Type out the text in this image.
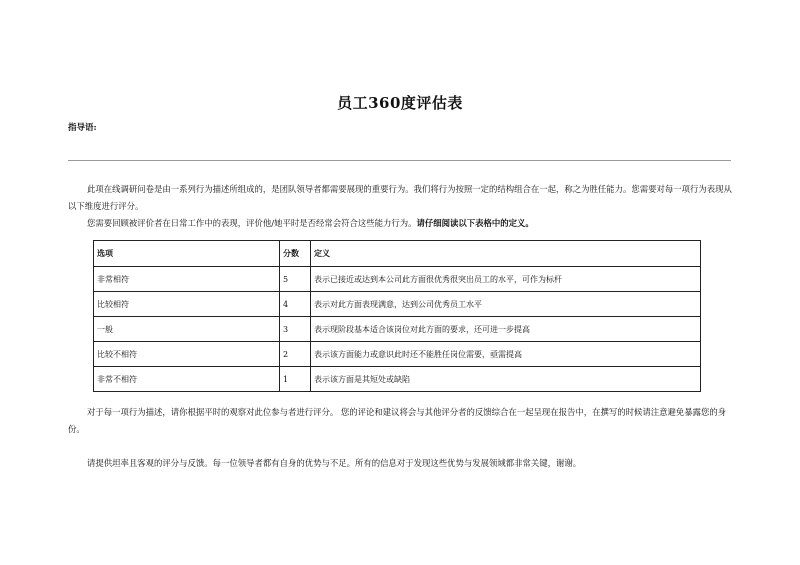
员工360度评估表
指导语:

此项在线调研问卷是由一系列行为描述所组成的，是团队领导者都需要展现的重要行为。我们将行为按照一定的结构组合在一起，称之为胜任能力。您需要对每一项行为表现从以下维度进行评分。

您需要回顾被评价者在日常工作中的表现，评价他/她平时是否经常会符合这些能力行为。请仔细阅读以下表格中的定义。

选项	分数	定义
非常相符	5	表示已接近或达到本公司此方面很优秀很突出员工的水平，可作为标杆
比较相符	4	表示对此方面表现满意，达到公司优秀员工水平
一般	3	表示现阶段基本适合该岗位对此方面的要求，还可进一步提高
比较不相符	2	表示该方面能力或意识此时还不能胜任岗位需要，亟需提高
非常不相符	1	表示该方面是其短处或缺陷

对于每一项行为描述，请你根据平时的观察对此位参与者进行评分。 您的评论和建议将会与其他评分者的反馈综合在一起呈现在报告中，在撰写的时候请注意避免暴露您的身份。

请提供坦率且客观的评分与反馈。每一位领导者都有自身的优势与不足。所有的信息对于发现这些优势与发展领域都非常关键，谢谢。
